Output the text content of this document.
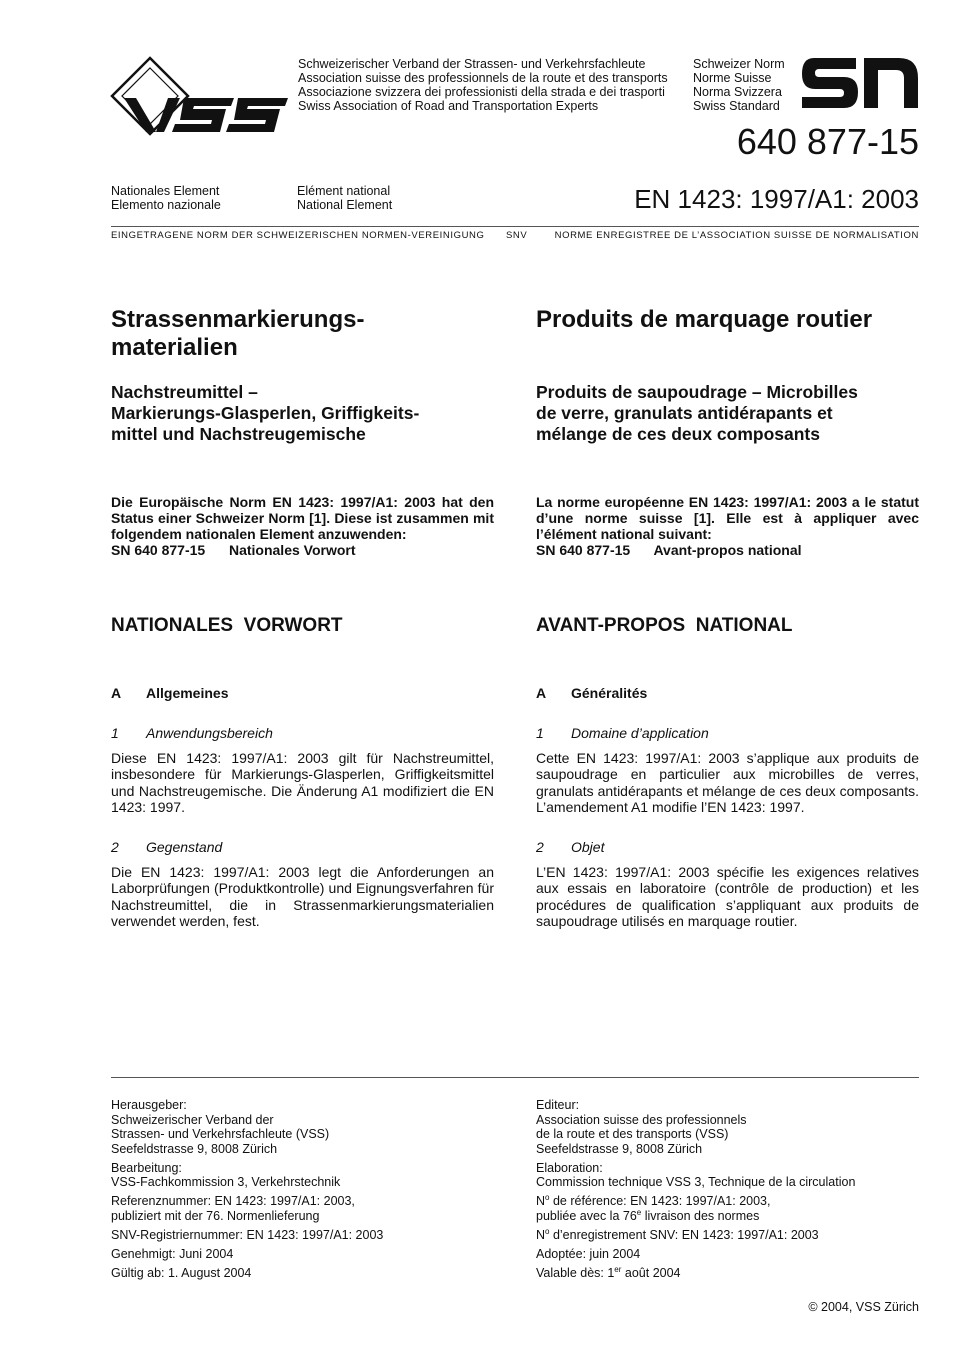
Schweizerischer Verband der Strassen- und Verkehrsfachleute
Association suisse des professionnels de la route et des transports
Associazione svizzera dei professionisti della strada e dei trasporti
Swiss Association of Road and Transportation Experts
Schweizer Norm
Norme Suisse
Norma Svizzera
Swiss Standard
640 877-15
Nationales Element
Elemento nazionale
Elément national
National Element	EN 1423: 1997/A1: 2003
EINGETRAGENE NORM DER SCHWEIZERISCHEN NORMEN-VEREINIGUNG SNV	NORME ENREGISTREE DE L’ASSOCIATION SUISSE DE NORMALISATION
Strassenmarkierungs-
materialien
Produits de marquage routier
Nachstreumittel –
Markierungs-Glasperlen, Griffigkeits-
mittel und Nachstreugemische
Produits de saupoudrage – Microbilles
de verre, granulats antidérapants et
mélange de ces deux composants
Die Europäische Norm EN 1423: 1997/A1: 2003 hat den Status einer Schweizer Norm [1]. Diese ist zusammen mit folgendem nationalen Element anzuwenden:
SN 640 877-15 Nationales Vorwort
La norme européenne EN 1423: 1997/A1: 2003 a le statut d’une norme suisse [1]. Elle est à appliquer avec l’élément national suivant:
SN 640 877-15 Avant-propos national
NATIONALES  VORWORT	AVANT-PROPOS  NATIONAL
A Allgemeines	A Généralités
1 Anwendungsbereich	1 Domaine d’application
Diese EN 1423: 1997/A1: 2003 gilt für Nachstreumittel, insbesondere für Markierungs-Glasperlen, Griffigkeitsmittel und Nachstreugemische. Die Änderung A1 modifiziert die EN 1423: 1997.
Cette EN 1423: 1997/A1: 2003 s’applique aux produits de saupoudrage en particulier aux microbilles de verres, granulats antidérapants et mélange de ces deux composants. L’amendement A1 modifie l’EN 1423: 1997.
2 Gegenstand	2 Objet
Die EN 1423: 1997/A1: 2003 legt die Anforderungen an Laborprüfungen (Produktkontrolle) und Eignungsverfahren für Nachstreumittel, die in Strassenmarkierungsmaterialien verwendet werden, fest.
L’EN 1423: 1997/A1: 2003 spécifie les exigences relatives aux essais en laboratoire (contrôle de production) et les procédures de qualification s’appliquant aux produits de saupoudrage utilisés en marquage routier.
Herausgeber:
Schweizerischer Verband der
Strassen- und Verkehrsfachleute (VSS)
Seefeldstrasse 9, 8008 Zürich
Bearbeitung:
VSS-Fachkommission 3, Verkehrstechnik
Referenznummer: EN 1423: 1997/A1: 2003,
publiziert mit der 76. Normenlieferung
SNV-Registriernummer: EN 1423: 1997/A1: 2003
Genehmigt: Juni 2004
Gültig ab: 1. August 2004
Editeur:
Association suisse des professionnels
de la route et des transports (VSS)
Seefeldstrasse 9, 8008 Zürich
Elaboration:
Commission technique VSS 3, Technique de la circulation
$N^o$ de référence: EN 1423: 1997/A1: 2003,
publiée avec la 76e livraison des normes
$N^o$ d’enregistrement SNV: EN 1423: 1997/A1: 2003
Adoptée: juin 2004
Valable dès: 1er août 2004
© 2004, VSS Zürich
